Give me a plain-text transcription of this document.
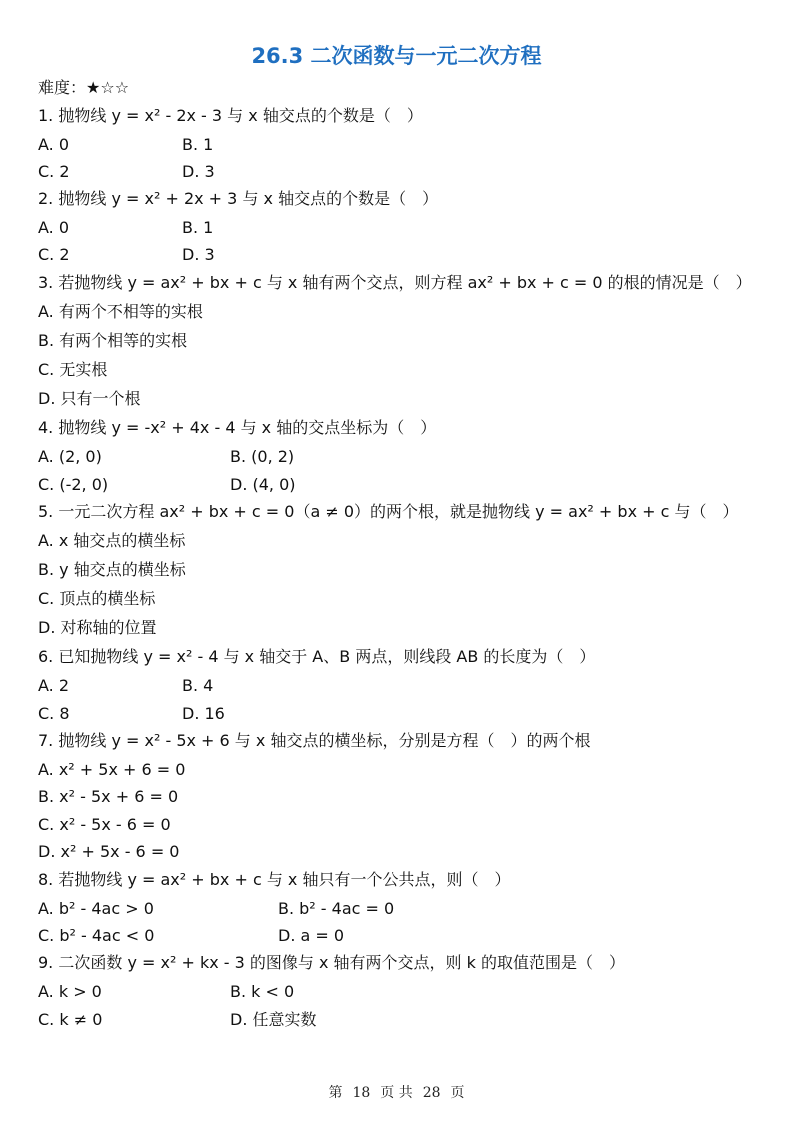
26.3 二次函数与一元二次方程
难度：★☆☆
1. 抛物线 y = x² - 2x - 3 与 x 轴交点的个数是（　）
A. 0	B. 1
C. 2	D. 3
2. 抛物线 y = x² + 2x + 3 与 x 轴交点的个数是（　）
A. 0	B. 1
C. 2	D. 3
3. 若抛物线 y = ax² + bx + c 与 x 轴有两个交点，则方程 ax² + bx + c = 0 的根的情况是（　）
A. 有两个不相等的实根
B. 有两个相等的实根
C. 无实根
D. 只有一个根
4. 抛物线 y = -x² + 4x - 4 与 x 轴的交点坐标为（　）
A. (2, 0)	B. (0, 2)
C. (-2, 0)	D. (4, 0)
5. 一元二次方程 ax² + bx + c = 0（a ≠ 0）的两个根，就是抛物线 y = ax² + bx + c 与（　）
A. x 轴交点的横坐标
B. y 轴交点的横坐标
C. 顶点的横坐标
D. 对称轴的位置
6. 已知抛物线 y = x² - 4 与 x 轴交于 A、B 两点，则线段 AB 的长度为（　）
A. 2	B. 4
C. 8	D. 16
7. 抛物线 y = x² - 5x + 6 与 x 轴交点的横坐标，分别是方程（　）的两个根
A. x² + 5x + 6 = 0
B. x² - 5x + 6 = 0
C. x² - 5x - 6 = 0
D. x² + 5x - 6 = 0
8. 若抛物线 y = ax² + bx + c 与 x 轴只有一个公共点，则（　）
A. b² - 4ac > 0	B. b² - 4ac = 0
C. b² - 4ac < 0	D. a = 0
9. 二次函数 y = x² + kx - 3 的图像与 x 轴有两个交点，则 k 的取值范围是（　）
A. k > 0	B. k < 0
C. k ≠ 0	D. 任意实数
第 18 页 共 28 页
